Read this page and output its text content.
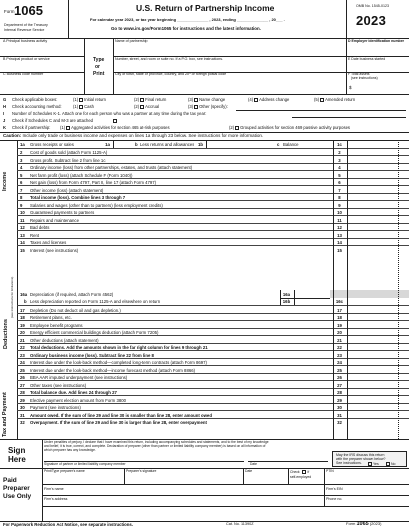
Form 1065
Department of the Treasury
Internal Revenue Service
U.S. Return of Partnership Income
For calendar year 2023, or tax year beginning ______________ , 2023, ending ______________ , 20___ .
Go to www.irs.gov/Form1065 for instructions and the latest information.
OMB No. 1545-0123
2023
A Principal business activity
B Principal product or service
C Business code number
Type
or
Print
Name of partnership
Number, street, and room or suite no. If a P.O. box, see instructions.
City or town, state or province, country, and ZIP or foreign postal code
D Employer identification number
E Date business started
F Total assets
(see instructions)
$
G Check applicable boxes:	(1) Initial return	(2) Final return	(3) Name change	(4) Address change	(5) Amended return
H Check accounting method:	(1) Cash	(2) Accrual	(3) Other (specify):
I Number of Schedules K-1. Attach one for each person who was a partner at any time during the tax year:
J Check if Schedules C and M-3 are attached
K Check if partnership: (1) Aggregated activities for section 465 at-risk purposes	(2) Grouped activities for section 469 passive activity purposes
Caution: Include only trade or business income and expenses on lines 1a through 23 below. See instructions for more information.
Income
Deductions
(see instructions for limitations)
Tax and Payment
1a Gross receipts or sales	1a	b Less returns and allowances 1b	c Balance	1c
2 Cost of goods sold (attach Form 1125-A)	2
3 Gross profit. Subtract line 2 from line 1c	3
4 Ordinary income (loss) from other partnerships, estates, and trusts (attach statement)	4
5 Net farm profit (loss) (attach Schedule F (Form 1040))	5
6 Net gain (loss) from Form 4797, Part II, line 17 (attach Form 4797)	6
7 Other income (loss) (attach statement)	7
8 Total income (loss). Combine lines 3 through 7	8
9 Salaries and wages (other than to partners) (less employment credits)	9
10 Guaranteed payments to partners	10
11 Repairs and maintenance	11
12 Bad debts	12
13 Rent	13
14 Taxes and licenses	14
15 Interest (see instructions)	15
17 Depletion (Do not deduct oil and gas depletion.)	17
18 Retirement plans, etc.	18
19 Employee benefit programs	19
20 Energy efficient commercial buildings deduction (attach Form 7205)	20
21 Other deductions (attach statement)	21
22 Total deductions. Add the amounts shown in the far right column for lines 9 through 21	22
23 Ordinary business income (loss). Subtract line 22 from line 8	23
24 Interest due under the look-back method—completed long-term contracts (attach Form 8697)	24
25 Interest due under the look-back method—income forecast method (attach Form 8866)	25
26 BBA AAR imputed underpayment (see instructions)	26
27 Other taxes (see instructions)	27
28 Total balance due. Add lines 24 through 27	28
29 Elective payment election amount from Form 3800	29
30 Payment (see instructions)	30
31 Amount owed. If the sum of line 29 and line 30 is smaller than line 28, enter amount owed	31
32 Overpayment. If the sum of line 29 and line 30 is larger than line 28, enter overpayment	32
16a Depreciation (if required, attach Form 4562)	16a
b Less depreciation reported on Form 1125-A and elsewhere on return	16b	16c
Sign
Here
Under penalties of perjury, I declare that I have examined this return, including accompanying schedules and statements, and to the best of my knowledge
and belief, it is true, correct, and complete. Declaration of preparer (other than partner or limited liability company member) is based on all information of
which preparer has any knowledge.
Signature of partner or limited liability company member	Date
May the IRS discuss this return
with the preparer shown below?
See instructions.	Yes	No
Paid
Preparer
Use Only
Print/Type preparer's name	Preparer's signature	Date	Check if
self-employed
PTIN
Firm's name	Firm's EIN
Firm's address	Phone no.
For Paperwork Reduction Act Notice, see separate instructions.	Cat. No. 11390Z	Form 1065 (2023)
